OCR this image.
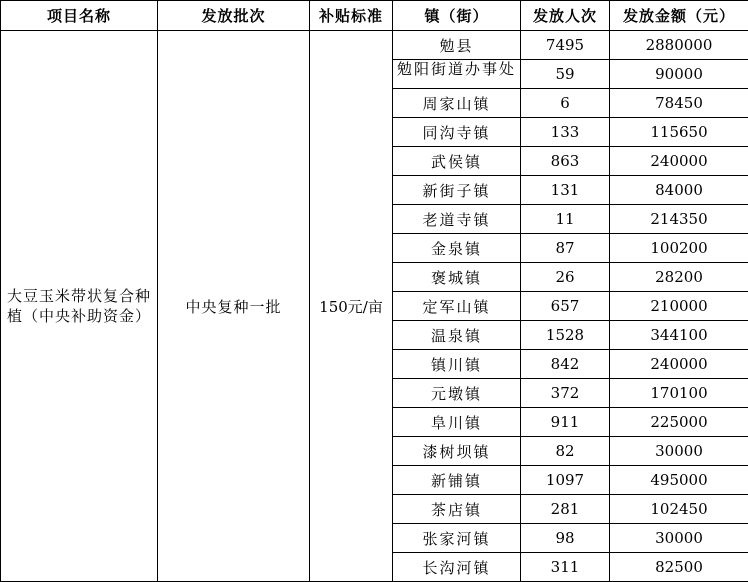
项目名称	发放批次	补贴标准	镇（街）	发放人次	发放金额（元）
大豆玉米带状复合种植（中央补助资金）	中央复种一批	150元/亩	勉县	7495	2880000

			勉阳街道办事处	59	90000
			周家山镇	6	78450
			同沟寺镇	133	115650
			武侯镇	863	240000
			新街子镇	131	84000
			老道寺镇	11	214350
			金泉镇	87	100200
			褒城镇	26	28200
			定军山镇	657	210000
			温泉镇	1528	344100
			镇川镇	842	240000
			元墩镇	372	170100
			阜川镇	911	225000
			漆树坝镇	82	30000
			新铺镇	1097	495000
			茶店镇	281	102450
			张家河镇	98	30000
			长沟河镇	311	82500
